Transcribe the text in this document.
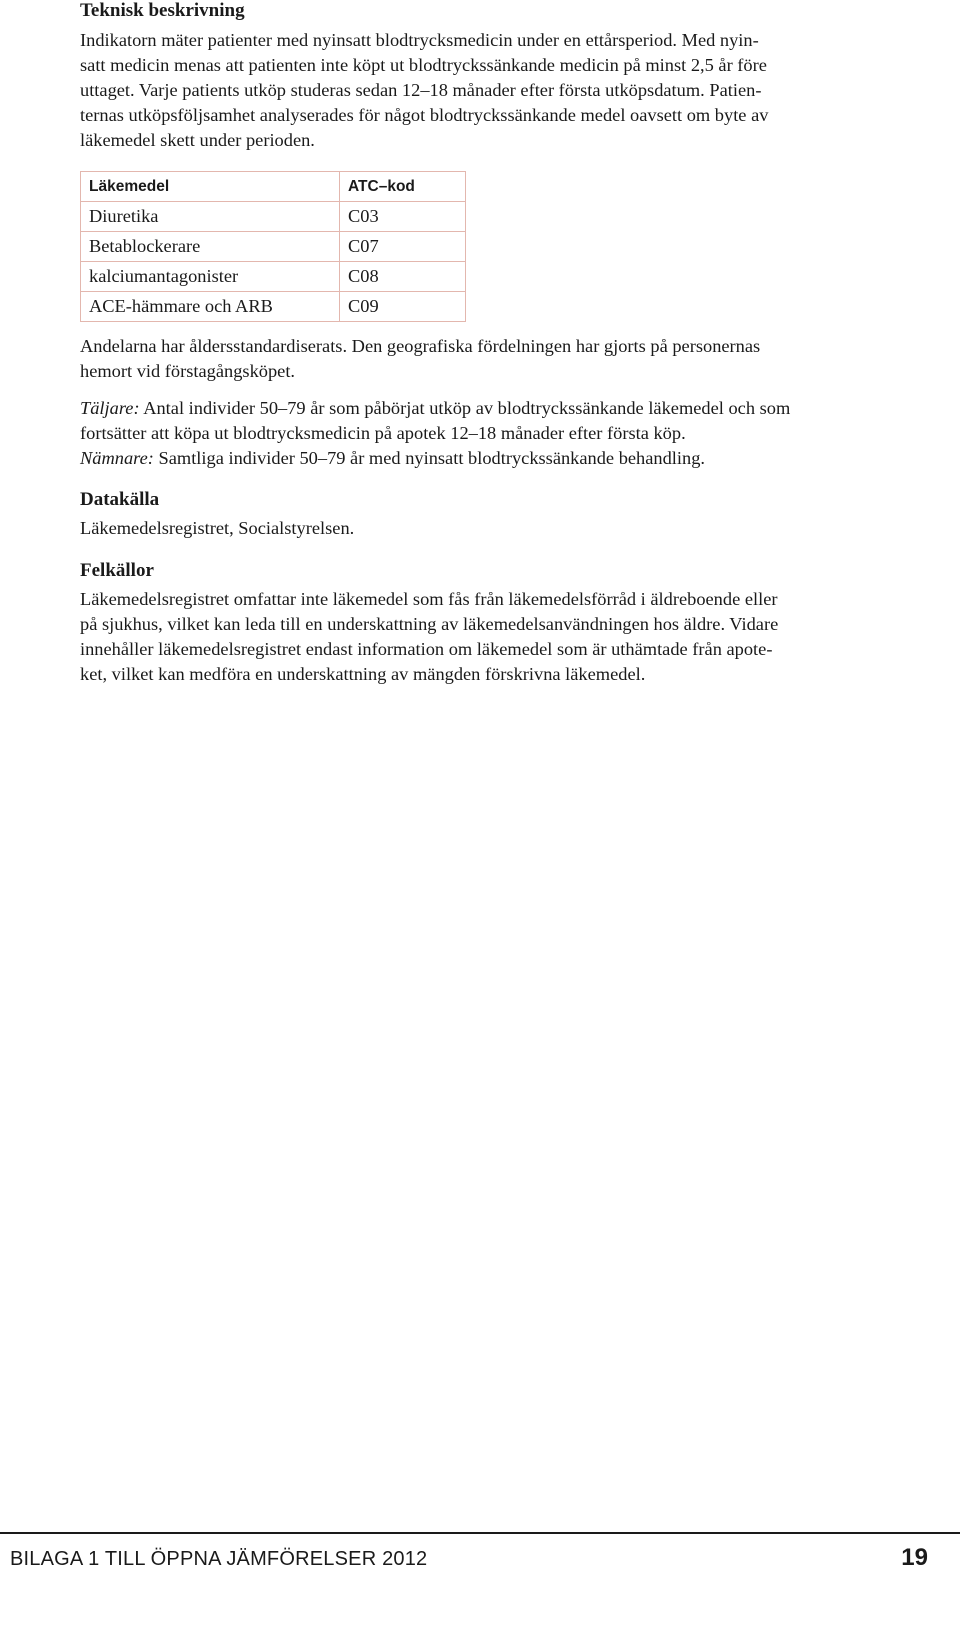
Teknisk beskrivning

Indikatorn mäter patienter med nyinsatt blodtrycksmedicin under en ettårsperiod. Med nyin-

satt medicin menas att patienten inte köpt ut blodtryckssänkande medicin på minst 2,5 år före

uttaget. Varje patients utköp studeras sedan 12–18 månader efter första utköpsdatum. Patien-

ternas utköpsföljsamhet analyserades för något blodtryckssänkande medel oavsett om byte av

läkemedel skett under perioden.

Läkemedel	ATC–kod
Diuretika	C03
Betablockerare	C07
kalciumantagonister	C08
ACE-hämmare och ARB	C09

Andelarna har åldersstandardiserats. Den geografiska fördelningen har gjorts på personernas

hemort vid förstagångsköpet.

Täljare: Antal individer 50–79 år som påbörjat utköp av blodtryckssänkande läkemedel och som

fortsätter att köpa ut blodtrycksmedicin på apotek 12–18 månader efter första köp.

Nämnare: Samtliga individer 50–79 år med nyinsatt blodtryckssänkande behandling.

Datakälla

Läkemedelsregistret, Socialstyrelsen.

Felkällor

Läkemedelsregistret omfattar inte läkemedel som fås från läkemedelsförråd i äldreboende eller

på sjukhus, vilket kan leda till en underskattning av läkemedelsanvändningen hos äldre. Vidare

innehåller läkemedelsregistret endast information om läkemedel som är uthämtade från apote-

ket, vilket kan medföra en underskattning av mängden förskrivna läkemedel.

BILAGA 1 TILL ÖPPNA JÄMFÖRELSER 2012	19
